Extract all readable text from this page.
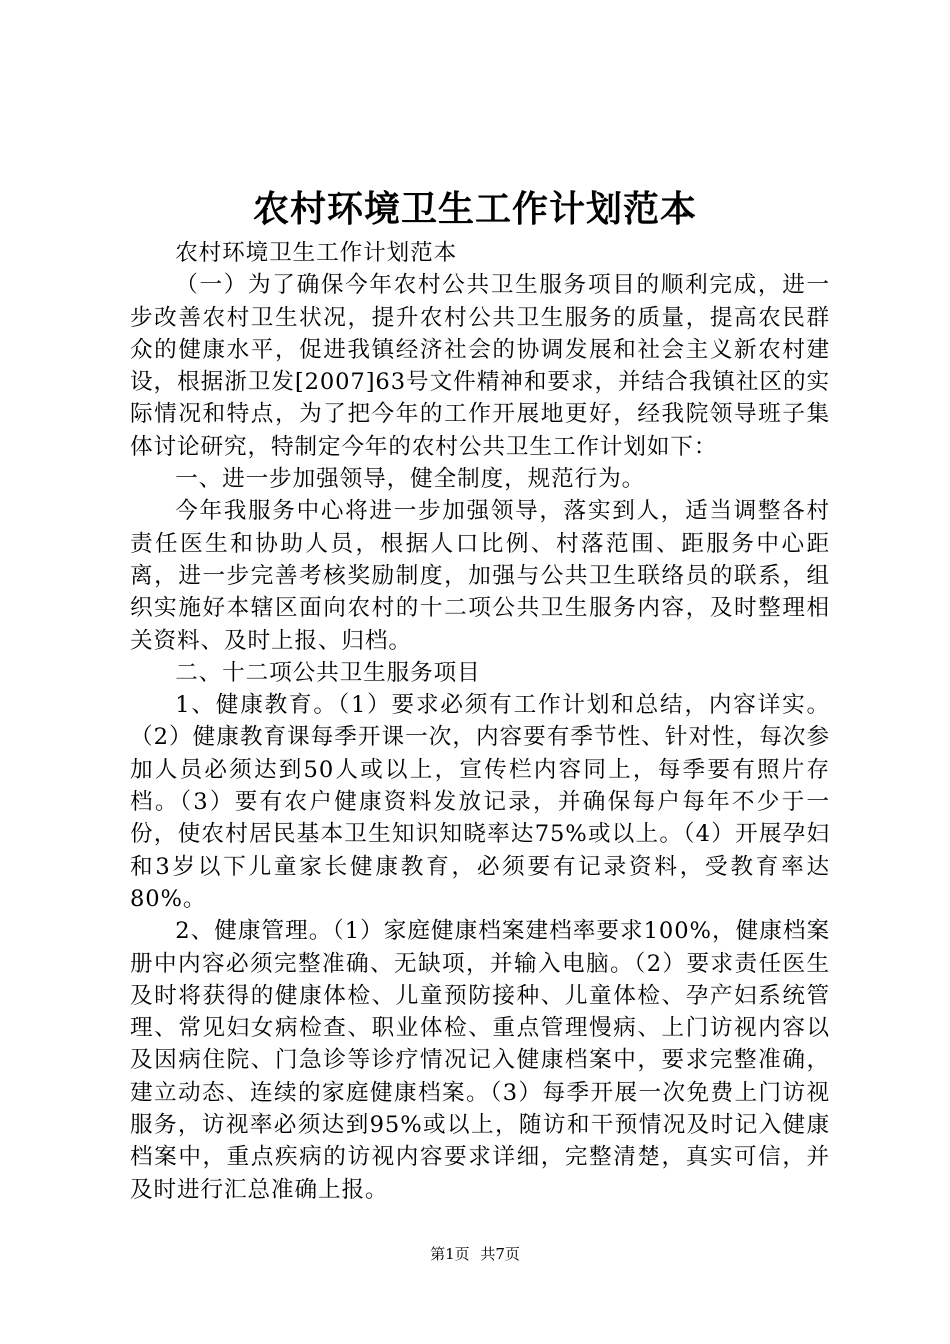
农村环境卫生工作计划范本

农村环境卫生工作计划范本

（一）为了确保今年农村公共卫生服务项目的顺利完成，进一步改善农村卫生状况，提升农村公共卫生服务的质量，提高农民群众的健康水平，促进我镇经济社会的协调发展和社会主义新农村建设，根据浙卫发[2007]63号文件精神和要求，并结合我镇社区的实际情况和特点，为了把今年的工作开展地更好，经我院领导班子集体讨论研究，特制定今年的农村公共卫生工作计划如下：

一、进一步加强领导，健全制度，规范行为。

今年我服务中心将进一步加强领导，落实到人，适当调整各村责任医生和协助人员，根据人口比例、村落范围、距服务中心距离，进一步完善考核奖励制度，加强与公共卫生联络员的联系，组织实施好本辖区面向农村的十二项公共卫生服务内容，及时整理相关资料、及时上报、归档。

二、十二项公共卫生服务项目

1、健康教育。（1）要求必须有工作计划和总结，内容详实。（2）健康教育课每季开课一次，内容要有季节性、针对性，每次参加人员必须达到50人或以上，宣传栏内容同上，每季要有照片存档。（3）要有农户健康资料发放记录，并确保每户每年不少于一份，使农村居民基本卫生知识知晓率达75%或以上。（4）开展孕妇和3岁以下儿童家长健康教育，必须要有记录资料，受教育率达80%。

2、健康管理。（1）家庭健康档案建档率要求100%，健康档案册中内容必须完整准确、无缺项，并输入电脑。（2）要求责任医生及时将获得的健康体检、儿童预防接种、儿童体检、孕产妇系统管理、常见妇女病检查、职业体检、重点管理慢病、上门访视内容以及因病住院、门急诊等诊疗情况记入健康档案中，要求完整准确，建立动态、连续的家庭健康档案。（3）每季开展一次免费上门访视服务，访视率必须达到95%或以上，随访和干预情况及时记入健康档案中，重点疾病的访视内容要求详细，完整清楚，真实可信，并及时进行汇总准确上报。

第1页 共7页
